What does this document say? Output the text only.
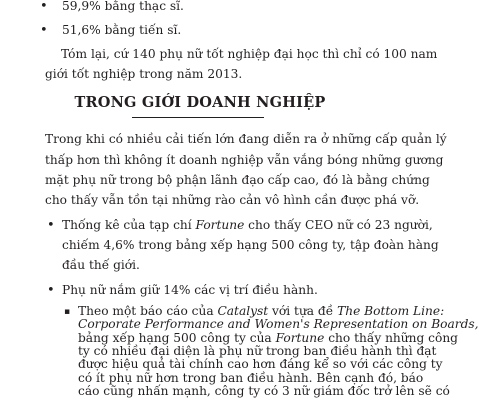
• 59,9% bằng thạc sĩ.
• 51,6% bằng tiến sĩ.
Tóm lại, cứ 140 phụ nữ tốt nghiệp đại học thì chỉ có 100 nam
giới tốt nghiệp trong năm 2013.
TRONG GIỚI DOANH NGHIỆP
Trong khi có nhiều cải tiến lớn đang diễn ra ở những cấp quản lý
thấp hơn thì không ít doanh nghiệp vẫn vắng bóng những gương
mặt phụ nữ trong bộ phận lãnh đạo cấp cao, đó là bằng chứng
cho thấy vẫn tồn tại những rào cản vô hình cần được phá vỡ.
• Thống kê của tạp chí Fortune cho thấy CEO nữ có 23 người,
chiếm 4,6% trong bảng xếp hạng 500 công ty, tập đoàn hàng
đầu thế giới.
• Phụ nữ nắm giữ 14% các vị trí điều hành.
▪ Theo một báo cáo của Catalyst với tựa đề The Bottom Line:
Corporate Performance and Women's Representation on Boards,
bảng xếp hạng 500 công ty của Fortune cho thấy những công
ty có nhiều đại diện là phụ nữ trong ban điều hành thì đạt
được hiệu quả tài chính cao hơn đáng kể so với các công ty
có ít phụ nữ hơn trong ban điều hành. Bên cạnh đó, báo
cáo cũng nhấn mạnh, công ty có 3 nữ giám đốc trở lên sẽ có
